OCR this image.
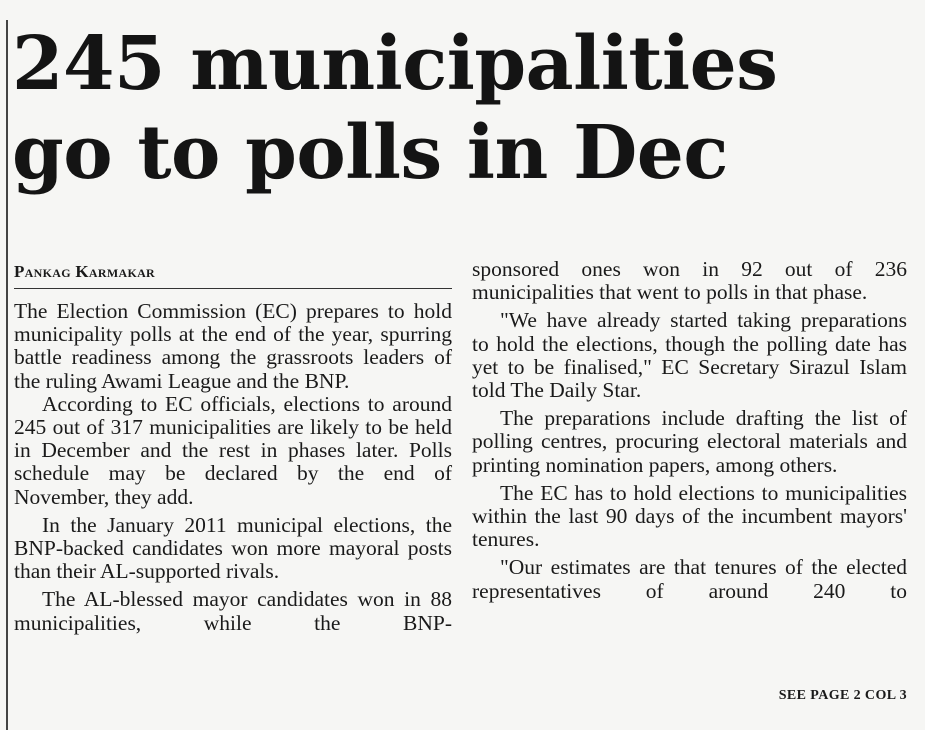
245 municipalities
go to polls in Dec
Pankag Karmakar

The Election Commission (EC) prepares to hold municipality polls at the end of the year, spurring battle readiness among the grassroots leaders of the ruling Awami League and the BNP.

According to EC officials, elections to around 245 out of 317 municipalities are likely to be held in December and the rest in phases later. Polls schedule may be declared by the end of November, they add.

In the January 2011 municipal elections, the BNP-backed candidates won more mayoral posts than their AL-supported rivals.

The AL-blessed mayor candidates won in 88 municipalities, while the BNP-

sponsored ones won in 92 out of 236 municipalities that went to polls in that phase.

"We have already started taking preparations to hold the elections, though the polling date has yet to be finalised," EC Secretary Sirazul Islam told The Daily Star.

The preparations include drafting the list of polling centres, procuring electoral materials and printing nomination papers, among others.

The EC has to hold elections to municipalities within the last 90 days of the incumbent mayors' tenures.

"Our estimates are that tenures of the elected representatives of around 240 to

SEE PAGE 2 COL 3
